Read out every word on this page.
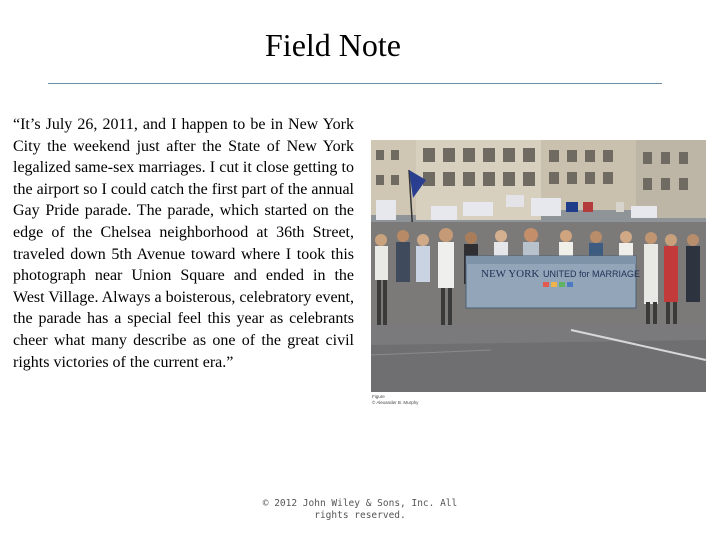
Field Note

“It’s July 26, 2011, and I happen to be in New York City the weekend just after the State of New York legalized same-sex marriages. I cut it close getting to the airport so I could catch the first part of the annual Gay Pride parade. The parade, which started on the edge of the Chelsea neighborhood at 36th Street, traveled down 5th Avenue toward where I took this photograph near Union Square and ended in the West Village. Always a boisterous, celebratory event, the parade has a special feel this year as celebrants cheer what many describe as one of the great civil rights victories of the current era.”

NEW YORK UNITED for MARRIAGE
Figure
© Alexander B. Murphy
© 2012 John Wiley & Sons, Inc. All rights reserved.
